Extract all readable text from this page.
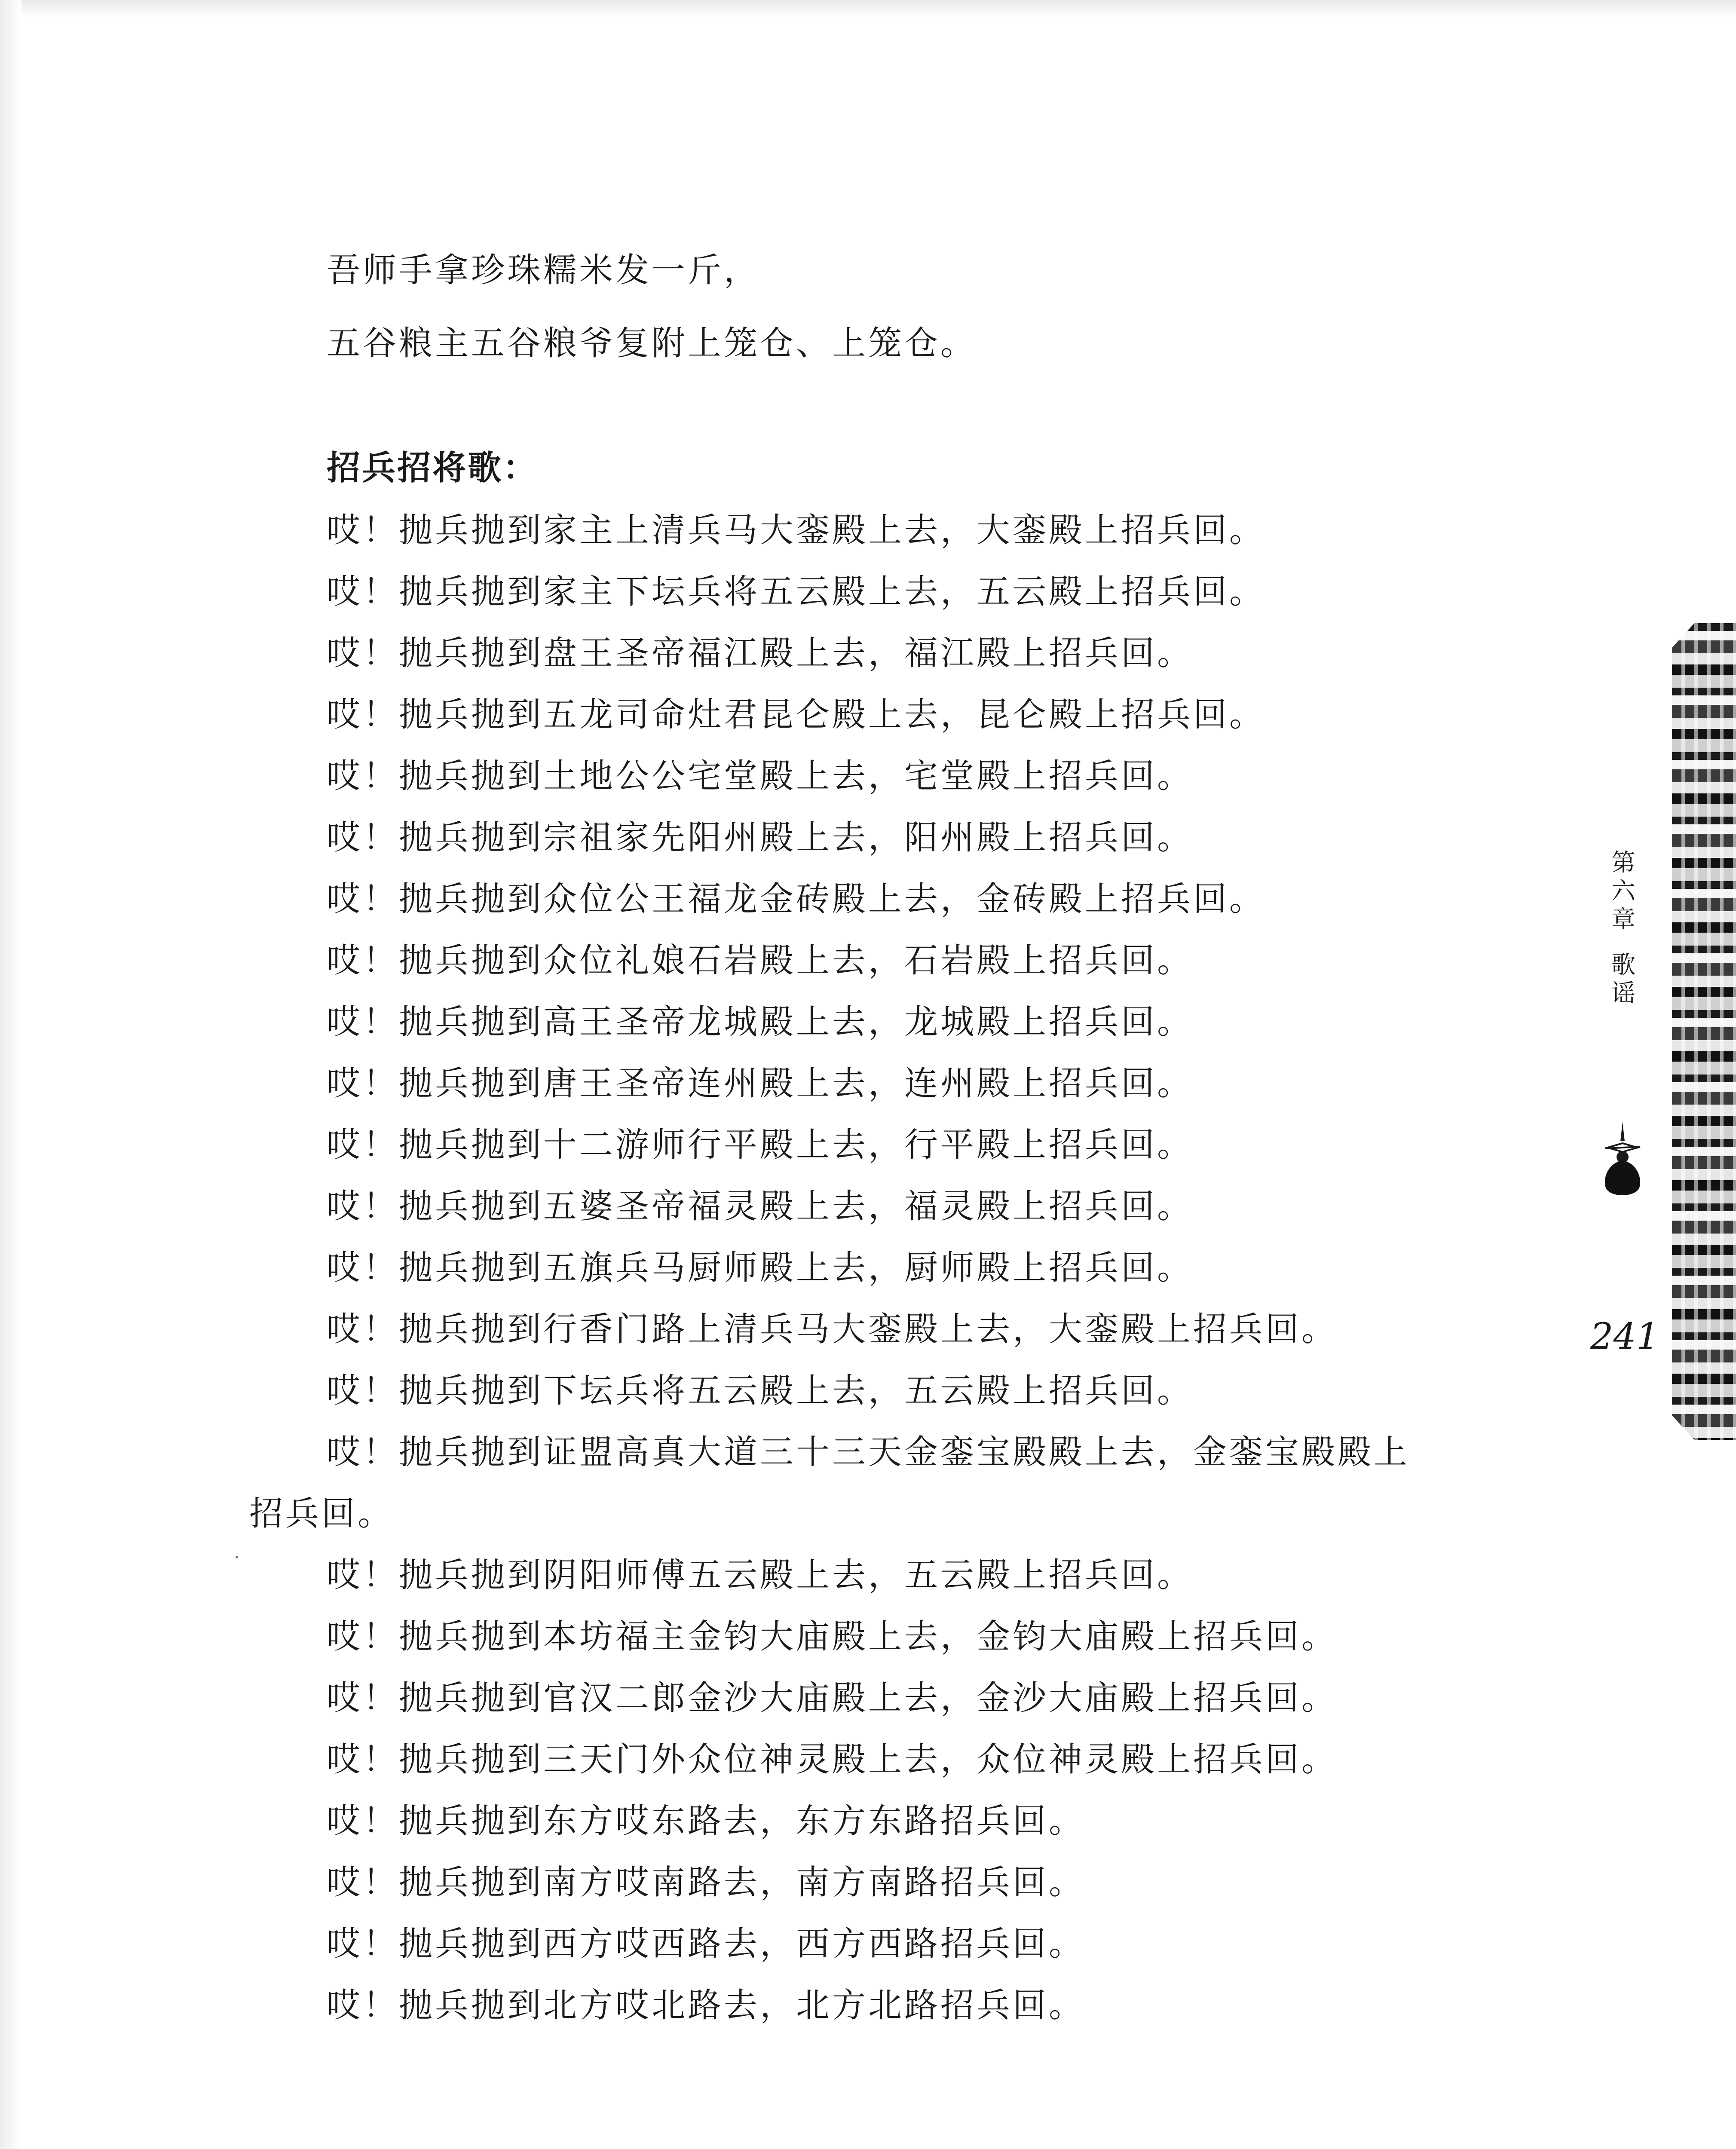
吾师手拿珍珠糯米发一斤，
五谷粮主五谷粮爷复附上笼仓、上笼仓。
招兵招将歌：
哎！抛兵抛到家主上清兵马大銮殿上去，大銮殿上招兵回。
哎！抛兵抛到家主下坛兵将五云殿上去，五云殿上招兵回。
哎！抛兵抛到盘王圣帝福江殿上去，福江殿上招兵回。
哎！抛兵抛到五龙司命灶君昆仑殿上去，昆仑殿上招兵回。
哎！抛兵抛到土地公公宅堂殿上去，宅堂殿上招兵回。
哎！抛兵抛到宗祖家先阳州殿上去，阳州殿上招兵回。
哎！抛兵抛到众位公王福龙金砖殿上去，金砖殿上招兵回。
哎！抛兵抛到众位礼娘石岩殿上去，石岩殿上招兵回。
哎！抛兵抛到高王圣帝龙城殿上去，龙城殿上招兵回。
哎！抛兵抛到唐王圣帝连州殿上去，连州殿上招兵回。
哎！抛兵抛到十二游师行平殿上去，行平殿上招兵回。
哎！抛兵抛到五婆圣帝福灵殿上去，福灵殿上招兵回。
哎！抛兵抛到五旗兵马厨师殿上去，厨师殿上招兵回。
哎！抛兵抛到行香门路上清兵马大銮殿上去，大銮殿上招兵回。
哎！抛兵抛到下坛兵将五云殿上去，五云殿上招兵回。
哎！抛兵抛到证盟高真大道三十三天金銮宝殿殿上去，金銮宝殿殿上
招兵回。
哎！抛兵抛到阴阳师傅五云殿上去，五云殿上招兵回。
哎！抛兵抛到本坊福主金钧大庙殿上去，金钧大庙殿上招兵回。
哎！抛兵抛到官汉二郎金沙大庙殿上去，金沙大庙殿上招兵回。
哎！抛兵抛到三天门外众位神灵殿上去，众位神灵殿上招兵回。
哎！抛兵抛到东方哎东路去，东方东路招兵回。
哎！抛兵抛到南方哎南路去，南方南路招兵回。
哎！抛兵抛到西方哎西路去，西方西路招兵回。
哎！抛兵抛到北方哎北路去，北方北路招兵回。
第
六
章
歌
谣
241
